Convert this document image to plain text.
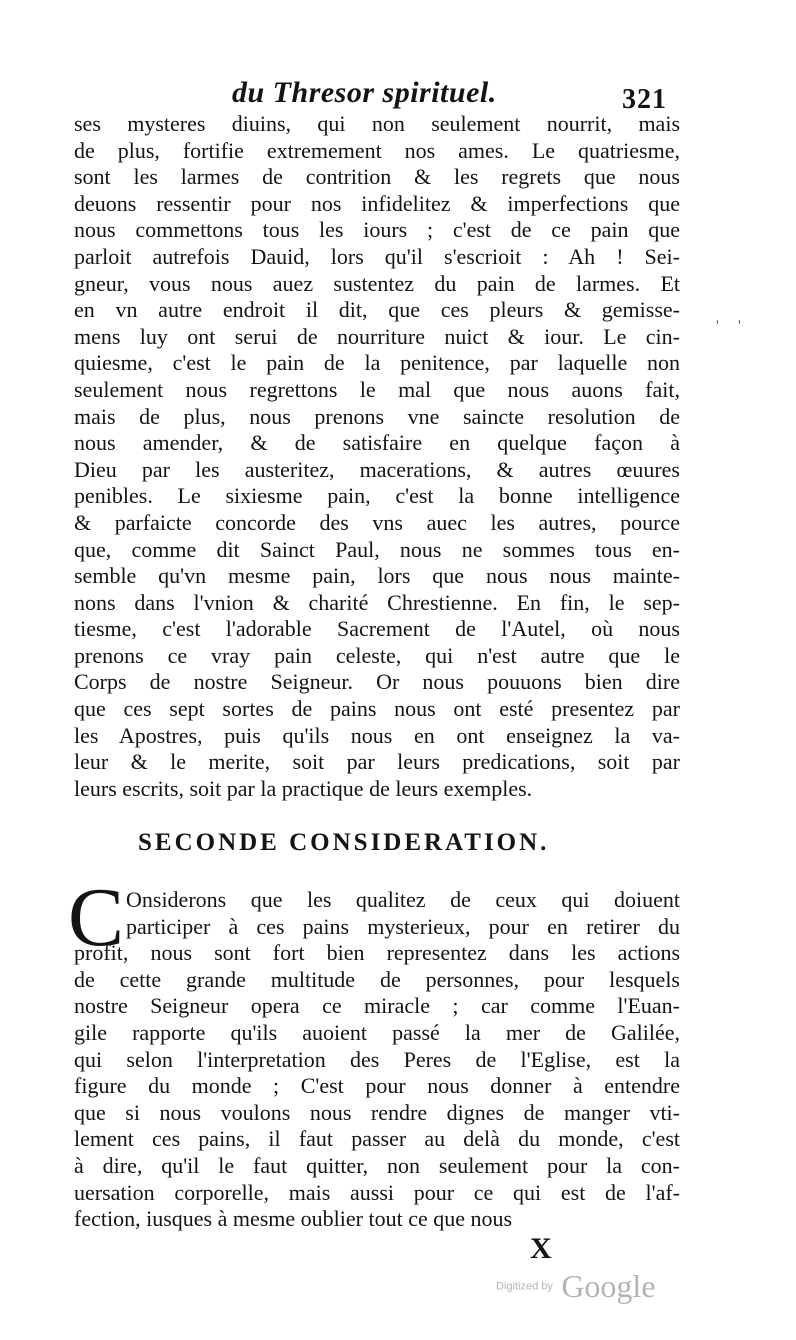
du Thresor spirituel.	321
ses mysteres diuins, qui non seulement nourrit, mais
de plus, fortifie extremement nos ames. Le quatriesme,
sont les larmes de contrition & les regrets que nous
deuons ressentir pour nos infidelitez & imperfections que
nous commettons tous les iours ; c'est de ce pain que
parloit autrefois Dauid, lors qu'il s'escrioit : Ah ! Sei-
gneur, vous nous auez sustentez du pain de larmes. Et
en vn autre endroit il dit, que ces pleurs & gemisse-
mens luy ont serui de nourriture nuict & iour. Le cin-
quiesme, c'est le pain de la penitence, par laquelle non
seulement nous regrettons le mal que nous auons fait,
mais de plus, nous prenons vne saincte resolution de
nous amender, & de satisfaire en quelque façon à
Dieu par les austeritez, macerations, & autres œuures
penibles. Le sixiesme pain, c'est la bonne intelligence
& parfaicte concorde des vns auec les autres, pource
que, comme dit Sainct Paul, nous ne sommes tous en-
semble qu'vn mesme pain, lors que nous nous mainte-
nons dans l'vnion & charité Chrestienne. En fin, le sep-
tiesme, c'est l'adorable Sacrement de l'Autel, où nous
prenons ce vray pain celeste, qui n'est autre que le
Corps de nostre Seigneur. Or nous pouuons bien dire
que ces sept sortes de pains nous ont esté presentez par
les Apostres, puis qu'ils nous en ont enseignez la va-
leur & le merite, soit par leurs predications, soit par
leurs escrits, soit par la practique de leurs exemples.
SECONDE CONSIDERATION.
C Onsiderons que les qualitez de ceux qui doiuent
participer à ces pains mysterieux, pour en retirer du
profit, nous sont fort bien representez dans les actions
de cette grande multitude de personnes, pour lesquels
nostre Seigneur opera ce miracle ; car comme l'Euan-
gile rapporte qu'ils auoient passé la mer de Galilée,
qui selon l'interpretation des Peres de l'Eglise, est la
figure du monde ; C'est pour nous donner à entendre
que si nous voulons nous rendre dignes de manger vti-
lement ces pains, il faut passer au delà du monde, c'est
à dire, qu'il le faut quitter, non seulement pour la con-
uersation corporelle, mais aussi pour ce qui est de l'af-
fection, iusques à mesme oublier tout ce que nous
X
' '
Digitized by Google
